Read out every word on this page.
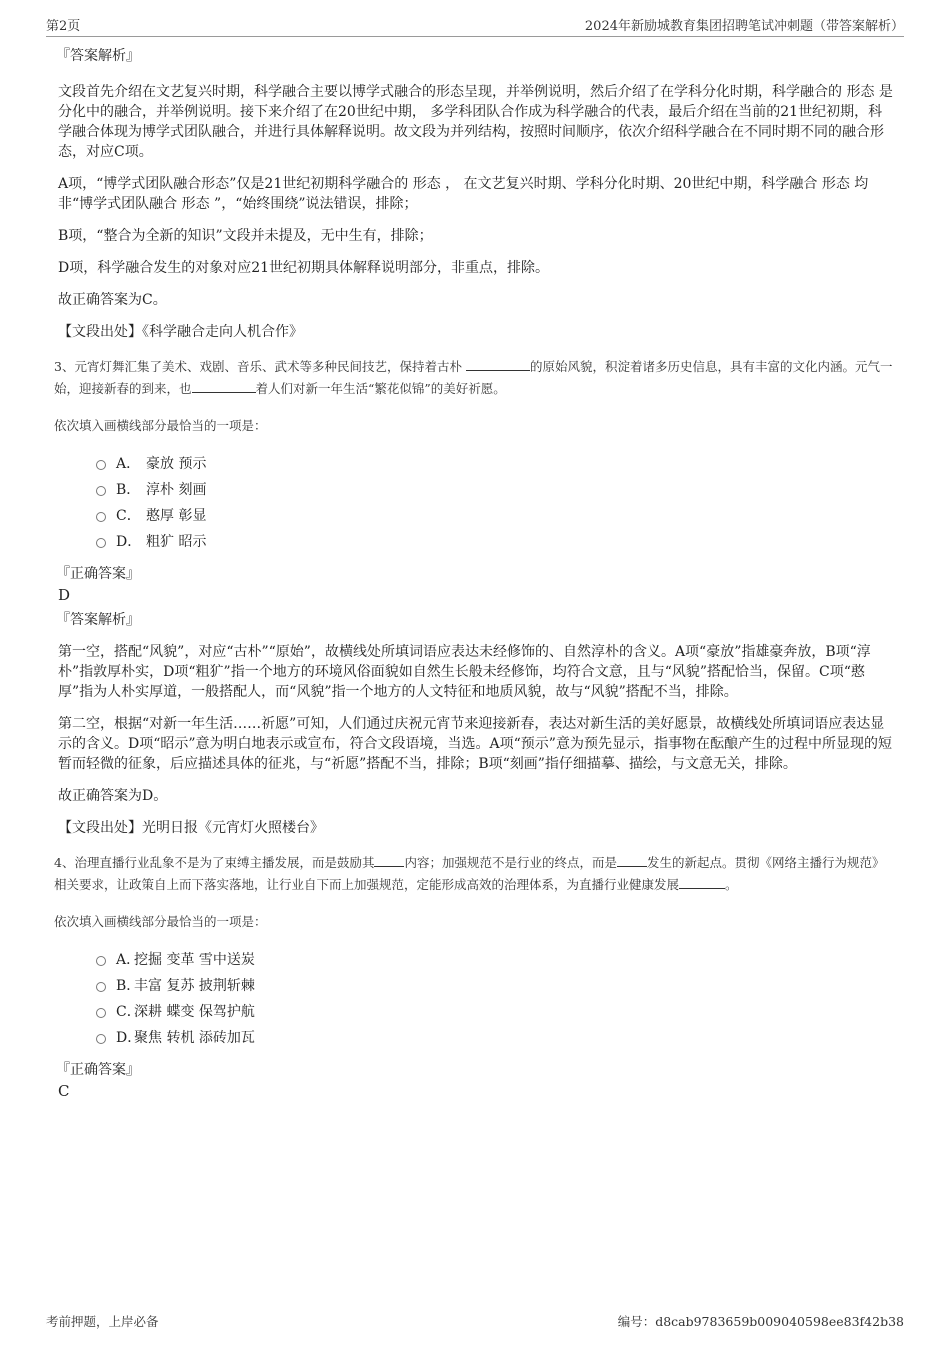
第2页	2024年新励城教育集团招聘笔试冲刺题（带答案解析）
『答案解析』

文段首先介绍在文艺复兴时期，科学融合主要以博学式融合的形态呈现，并举例说明，然后介绍了在学科分化时期，科学融合的 形态 是分化中的融合，并举例说明。接下来介绍了在20世纪中期， 多学科团队合作成为科学融合的代表，最后介绍在当前的21世纪初期，科学融合体现为博学式团队融合，并进行具体解释说明。故文段为并列结构，按照时间顺序，依次介绍科学融合在不同时期不同的融合形态，对应C项。

A项，“博学式团队融合形态”仅是21世纪初期科学融合的 形态 ， 在文艺复兴时期、学科分化时期、20世纪中期，科学融合 形态 均非“博学式团队融合 形态 ”，“始终围绕”说法错误，排除；

B项，“整合为全新的知识”文段并未提及，无中生有，排除；

D项，科学融合发生的对象对应21世纪初期具体解释说明部分，非重点，排除。

故正确答案为C。

【文段出处】《科学融合走向人机合作》

3、元宵灯舞汇集了美术、戏剧、音乐、武术等多种民间技艺，保持着古朴	的原始风貌，积淀着诸多历史信息，具有丰富的文化内涵。元气一始，迎接新春的到来，也	着人们对新一年生活“繁花似锦”的美好祈愿。
依次填入画横线部分最恰当的一项是：
A． 豪放 预示
B． 淳朴 刻画
C． 憨厚 彰显
D． 粗犷 昭示
『正确答案』
D
『答案解析』

第一空，搭配“风貌”，对应“古朴”“原始”，故横线处所填词语应表达未经修饰的、自然淳朴的含义。A项“豪放”指雄豪奔放，B项“淳朴”指敦厚朴实，D项“粗犷”指一个地方的环境风俗面貌如自然生长般未经修饰，均符合文意，且与“风貌”搭配恰当，保留。C项“憨厚”指为人朴实厚道，一般搭配人，而“风貌”指一个地方的人文特征和地质风貌，故与“风貌”搭配不当，排除。

第二空，根据“对新一年生活……祈愿”可知，人们通过庆祝元宵节来迎接新春，表达对新生活的美好愿景，故横线处所填词语应表达显示的含义。D项“昭示”意为明白地表示或宣布，符合文段语境，当选。A项“预示”意为预先显示，指事物在酝酿产生的过程中所显现的短暂而轻微的征象，后应描述具体的征兆，与“祈愿”搭配不当，排除；B项“刻画”指仔细描摹、描绘，与文意无关，排除。

故正确答案为D。

【文段出处】光明日报《元宵灯火照楼台》

4、治理直播行业乱象不是为了束缚主播发展，而是鼓励其 内容；加强规范不是行业的终点，而是 发生的新起点。贯彻《网络主播行为规范》相关要求，让政策自上而下落实落地，让行业自下而上加强规范，定能形成高效的治理体系，为直播行业健康发展	。
依次填入画横线部分最恰当的一项是：
A．
挖掘 变革 雪中送炭
B．
丰富 复苏 披荆斩棘
C．
深耕 蝶变 保驾护航
D．
聚焦 转机 添砖加瓦
『正确答案』
C
考前押题，上岸必备	编号：d8cab9783659b009040598ee83f42b38
